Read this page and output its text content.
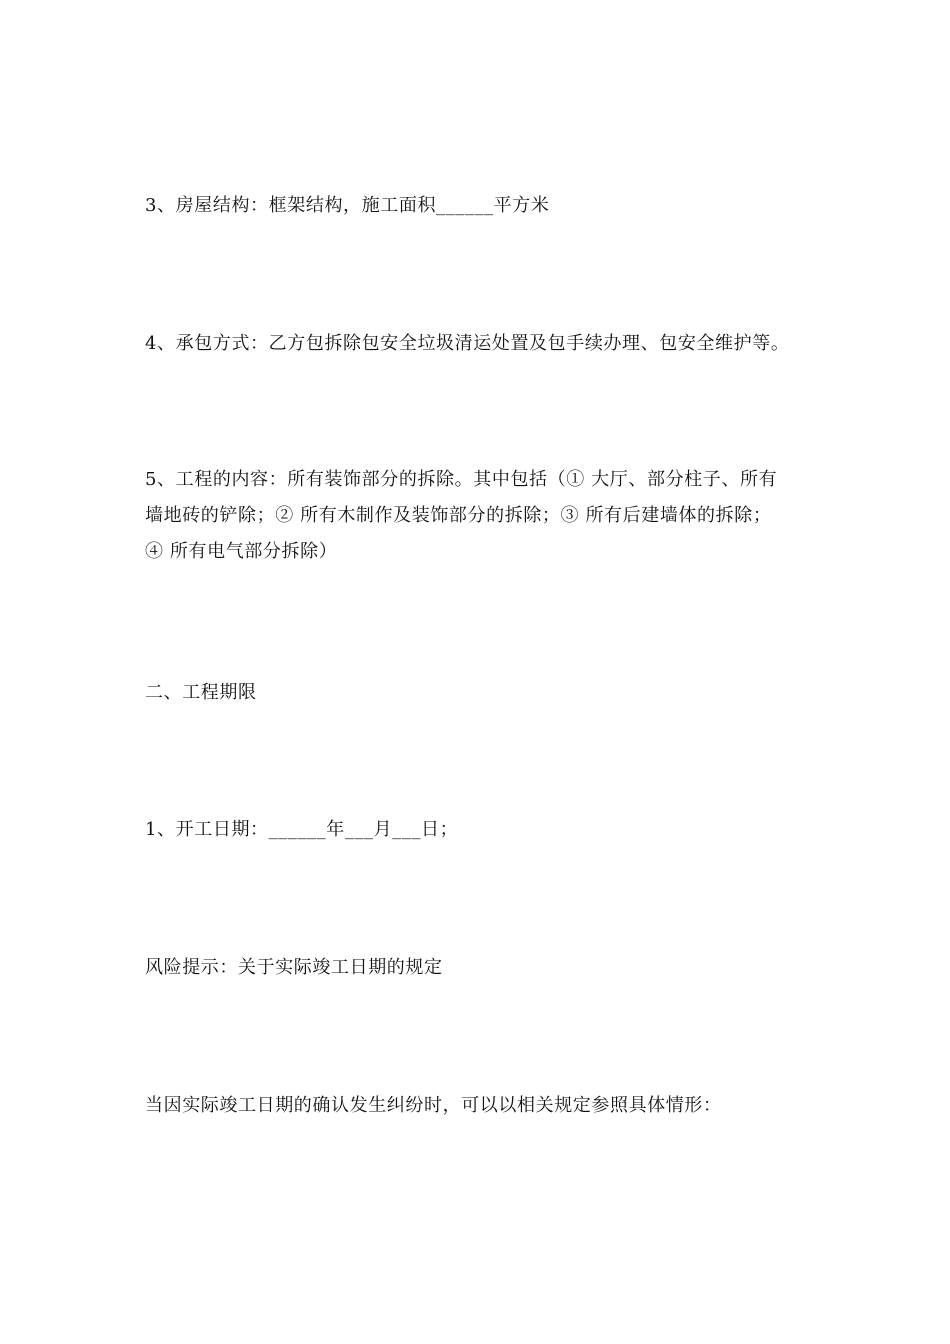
3、房屋结构：框架结构，施工面积______平方米
4、承包方式：乙方包拆除包安全垃圾清运处置及包手续办理、包安全维护等。
5、工程的内容：所有装饰部分的拆除。其中包括（① 大厅、部分柱子、所有
墙地砖的铲除；② 所有木制作及装饰部分的拆除；③ 所有后建墙体的拆除；
④ 所有电气部分拆除）
二、工程期限
1、开工日期：______年___月___日；
风险提示：关于实际竣工日期的规定
当因实际竣工日期的确认发生纠纷时，可以以相关规定参照具体情形：
